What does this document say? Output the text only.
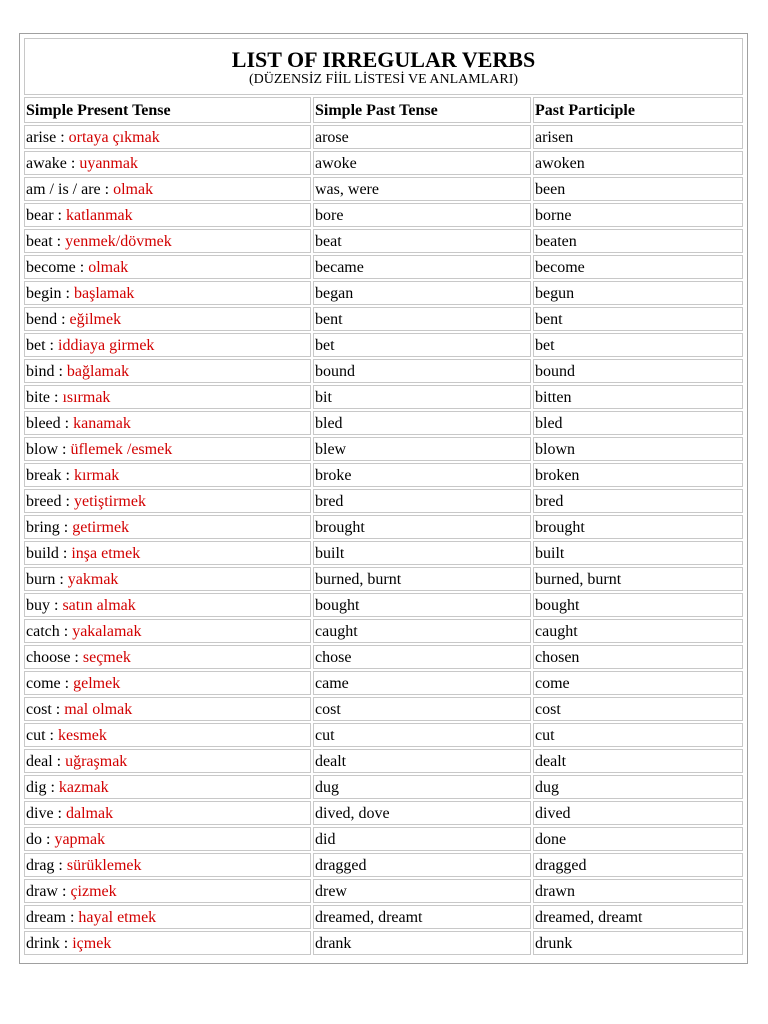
LIST OF IRREGULAR VERBS
(DÜZENSİZ FİİL LİSTESİ VE ANLAMLARI)		

Simple Present Tense	Simple Past Tense	Past Participle
arise : ortaya çıkmak	arose	arisen
awake : uyanmak	awoke	awoken
am / is / are : olmak	was, were	been
bear : katlanmak	bore	borne
beat : yenmek/dövmek	beat	beaten
become : olmak	became	become
begin : başlamak	began	begun
bend : eğilmek	bent	bent
bet : iddiaya girmek	bet	bet
bind : bağlamak	bound	bound
bite : ısırmak	bit	bitten
bleed : kanamak	bled	bled
blow : üflemek /esmek	blew	blown
break : kırmak	broke	broken
breed : yetiştirmek	bred	bred
bring : getirmek	brought	brought
build : inşa etmek	built	built
burn : yakmak	burned, burnt	burned, burnt
buy : satın almak	bought	bought
catch : yakalamak	caught	caught
choose : seçmek	chose	chosen
come : gelmek	came	come
cost : mal olmak	cost	cost
cut : kesmek	cut	cut
deal : uğraşmak	dealt	dealt
dig : kazmak	dug	dug
dive : dalmak	dived, dove	dived
do : yapmak	did	done
drag : sürüklemek	dragged	dragged
draw : çizmek	drew	drawn
dream : hayal etmek	dreamed, dreamt	dreamed, dreamt
drink : içmek	drank	drunk
